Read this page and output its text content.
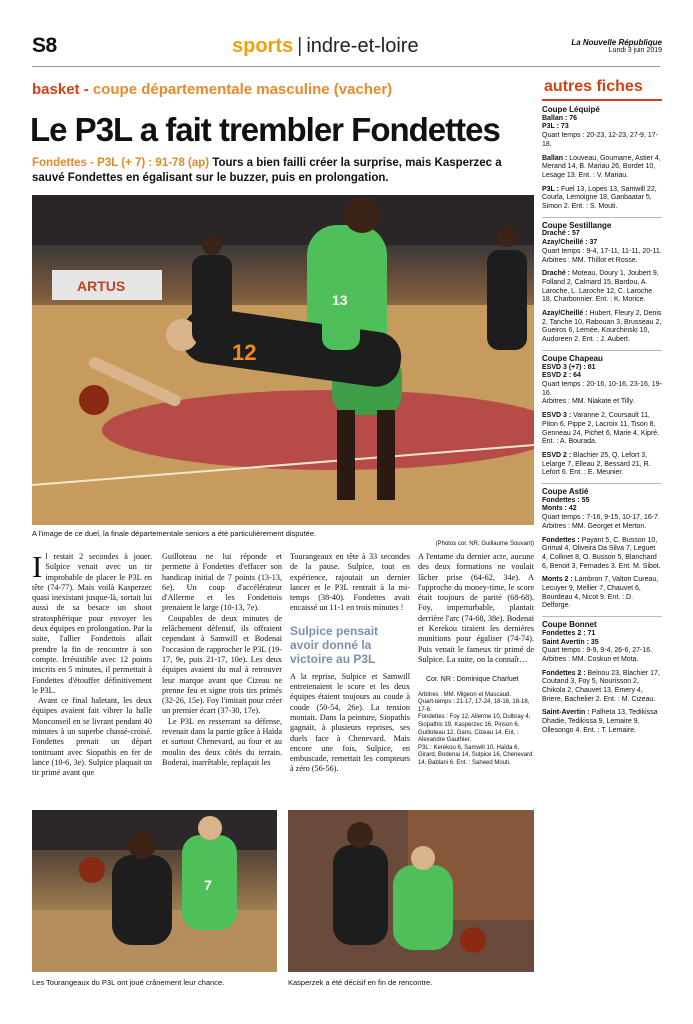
S8	sports | indre-et-loire	La Nouvelle République
Lundi 3 juin 2019
basket - coupe départementale masculine (vacher)
Le P3L a fait trembler Fondettes
Fondettes - P3L (+ 7) : 91-78 (ap) Tours a bien failli créer la surprise, mais Kasperzec a sauvé Fondettes en égalisant sur le buzzer, puis en prolongation.
ARTUS
12
13
A l'image de ce duel, la finale départementale seniors a été particulièrement disputée.
(Photos cor. NR, Guillaume Souvant)

Il restait 2 secondes à jouer. Sulpice venait avec un tir improbable de placer le P3L en tête (74-77). Mais voilà Kasperzec quasi inexistant jusque-là, sortait lui aussi de sa besace un shoot stratosphérique pour envoyer les deux équipes en prolongation. Par la suite, l'allier Fondettois allait prendre la fin de rencontre à son compte. Irrésistible avec 12 points inscrits en 5 minutes, il permettait à Fondettes d'étouffer définitivement le P3L.

Avant ce final haletant, les deux équipes avaient fait vibrer la halle Monconseil en se livrant pendant 40 minutes à un superbe chassé-croisé. Fondettes prenait un départ tonitruant avec Siopathis en fer de lance (10-6, 3e). Sulpice plaquait un tir primé avant que

Guilloteau ne lui réponde et permette à Fondettes d'effacer son handicap initial de 7 points (13-13, 6e). Un coup d'accélérateur d'Allerme et les Fondettois prenaient le large (10-13, 7e).

Coupables de deux minutes de relâchement défensif, ils offraient cependant à Samwill et Bodenai l'occasion de rapprocher le P3L (19-17, 9e, puis 21-17, 10e). Les deux équipes avaient du mal à retrouver leur marque avant que Cizeau ne prenne feu et signe trois tirs primés (32-26, 15e). Foy l'imitait pour créer un premier écart (37-30, 17e).

Le P3L en resserrant sa défense, revenait dans la partie grâce à Haïda et surtout Chenevard, au four et au moulin des deux côtés du terrain. Boderai, inarrêtable, replaçait les

Tourangeaux en tête à 33 secondes de la pause. Sulpice, tout en expérience, rajoutait un dernier lancer et le P3L rentrait à la mi-temps (38-40). Fondettes avait encaissé un 11-1 en trois minutes !

Sulpice pensait avoir donné la victoire au P3L

A la reprise, Sulpice et Samwill entretenaient le score et les deux équipes étaient toujours au coude à coude (50-54, 26e). La tension montait. Dans la peinture, Siopathis gagnait, à plusieurs reprises, ses duels face à Chenevard. Mais encore une fois, Sulpice, en embuscade, remettait les compteurs à zéro (56-56).

A l'entame du dernier acte, aucune des deux formations ne voulait lâcher prise (64-62, 34e). A l'approche du money-time, le score était toujours de parité (68-68). Foy, imperturbable, plantait derrière l'arc (74-68, 38e). Bodenai et Kerekou tiraient les dernières munitions pour égaliser (74-74). Puis venait le fameux tir primé de Sulpice. La suite, on la connaît…

Cor. NR : Dominique Charluet
Arbitres : MM. Migeon et Mascaud.
Quart-temps : 21-17, 17-24, 18-16, 18-18, 17-6.
Fondettes : Foy 12, Allerme 10, Dulbray 4, Siopathis 19, Kasperzec 16, Pinson 6, Guilloteau 12, Gans, Cizeau 14. Ent. : Alexandre Gauthier.
P3L : Kerekou 6, Samwill 10, Haïda 6, Girard, Bodenai 14, Sulpice 16, Chenevard 14, Bablani 6. Ent. : Saheed Mouti.
7
Les Tourangeaux du P3L ont joué crânement leur chance.	Kasperzek a été décisif en fin de rencontre.
autres fiches
Coupe Léquipé
Ballan : 76
P3L : 73
Quart temps : 20-23, 12-23, 27-9, 17-18.
Ballan : Louveau, Goumarre, Astier 4, Merand 14, B. Mariau 26, Bordet 10, Lesage 13. Ent. : V. Mariau.
P3L : Fuel 13, Lopes 13, Samwill 22, Courla, Lemoigne 18, Ganbaatar 5, Simon 2. Ent. : S. Mouti.
Coupe Sestillange
Draché : 57
Azay/Cheillé : 37
Quart temps : 9-4, 17-11, 11-11, 20-11.
Arbitres : MM. Thillot et Rosse.
Draché : Moteau, Doury 1, Joubert 9, Folland 2, Calmard 15, Bardou, A. Laroche, L. Laroche 12, C. Laroche 18, Charbonnier. Ent. : K. Morice.
Azay/Cheillé : Hubert, Fleury 2, Denis 2, Tanche 10, Rabouan 3, Brusseau 2, Gueiros 6, Lemée, Kourchinski 10, Audoreen 2. Ent. : J. Aubert.
Coupe Chapeau
ESVD 3 (+7) : 81
ESVD 2 : 64
Quart temps : 20-16, 10-16, 23-16, 19-16.
Arbitres : MM. Niakate et Tilly.
ESVD 3 : Varanne 2, Coursault 11, Piton 6, Pippe 2, Lacroix 11, Tison 8, Genneau 24, Pichet 6, Marie 4, Kipré. Ent. : A. Bourada.
ESVD 2 : Blachier 25, Q. Lefort 3, Lelarge 7, Elleau 2, Bessard 21, R. Lefort 6. Ent. : E. Meunier.
Coupe Astié
Fondettes : 55
Monts : 42
Quart temps : 7-16, 9-15, 10-17, 16-7.
Arbitres : MM. Georget et Merton.
Fondettes : Payant 5, C. Busson 10, Grimal 4, Oliveira Da Silva 7, Leguet 4, Collinet 8, O. Busson 5, Blanchard 6, Benoit 3, Fernades 3. Ent. M. Sibot.
Monts 2 : Lambron 7, Valton Cureau, Lecuyer 9, Mellier 7, Chauvet 6, Bourdeau 4, Nicot 9. Ent. : D. Delforge.
Coupe Bonnet
Fondettes 2 : 71
Saint Avertin : 35
Quart temps : 9-9, 9-4, 26-6, 27-16.
Arbitres : MM. Coskun et Mota.
Fondettes 2 : Belnou 23, Blachier 17, Coutand 3, Foy 5, Nourisson 2, Chikola 2, Chauvet 13, Emery 4, Briere, Bachelier 2. Ent. : M. Cizeau.
Saint-Avertin : Palheta 13, Tedikissa Dhadie, Tedikissa 9, Lemaire 9, Ollesongo 4. Ent. : T. Lemaire.
